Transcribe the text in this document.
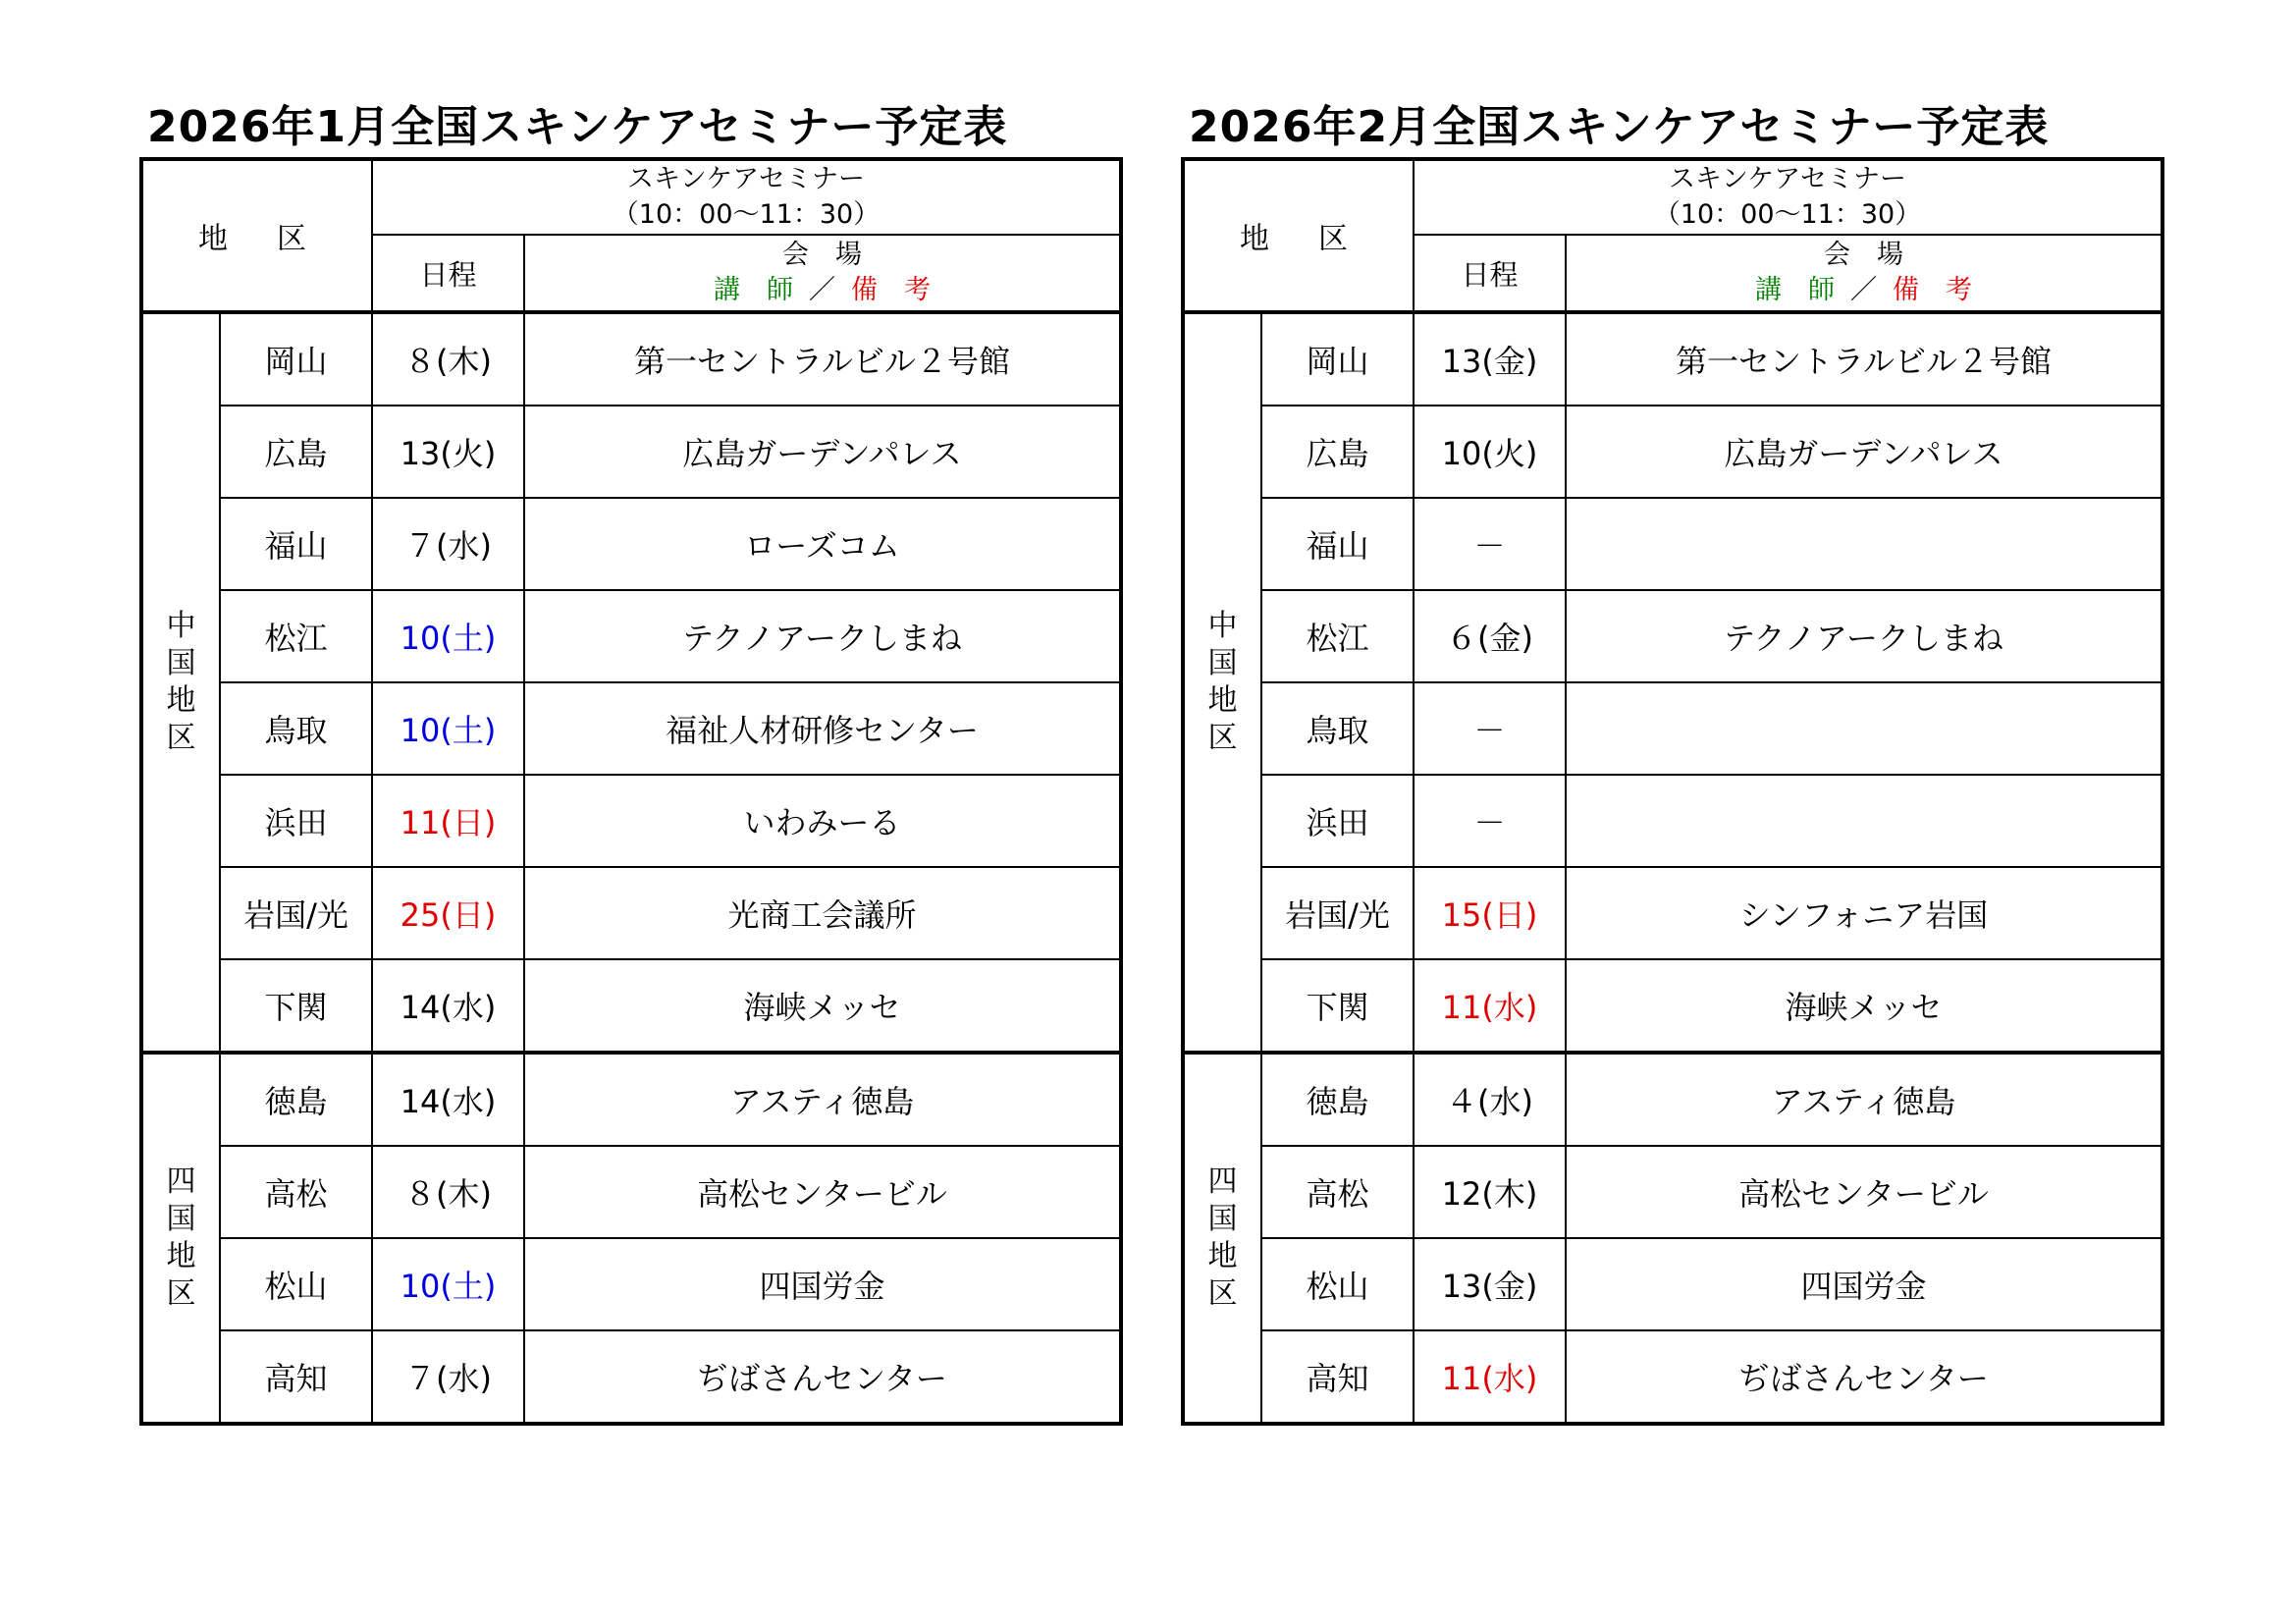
2026年1月全国スキンケアセミナー予定表
地　区		スキンケアセミナー
（10：00～11：30）	

		日程	会　場
講　師 ／ 備　考

中
国
地
区	岡山	８(木)	第一セントラルビル２号館
	広島	13(火)	広島ガーデンパレス
	福山	７(水)	ローズコム
	松江	10(土)	テクノアークしまね
	鳥取	10(土)	福祉人材研修センター
	浜田	11(日)	いわみーる
	岩国/光	25(日)	光商工会議所
	下関	14(水)	海峡メッセ

四
国
地
区	徳島	14(水)	アスティ徳島
	高松	８(木)	高松センタービル
	松山	10(土)	四国労金
	高知	７(水)	ぢばさんセンター
2026年2月全国スキンケアセミナー予定表
地　区		スキンケアセミナー
（10：00～11：30）	

		日程	会　場
講　師 ／ 備　考

中
国
地
区	岡山	13(金)	第一セントラルビル２号館
	広島	10(火)	広島ガーデンパレス
	福山	－	
	松江	６(金)	テクノアークしまね
	鳥取	－	
	浜田	－	
	岩国/光	15(日)	シンフォニア岩国
	下関	11(水)	海峡メッセ

四
国
地
区	徳島	４(水)	アスティ徳島
	高松	12(木)	高松センタービル
	松山	13(金)	四国労金
	高知	11(水)	ぢばさんセンター
